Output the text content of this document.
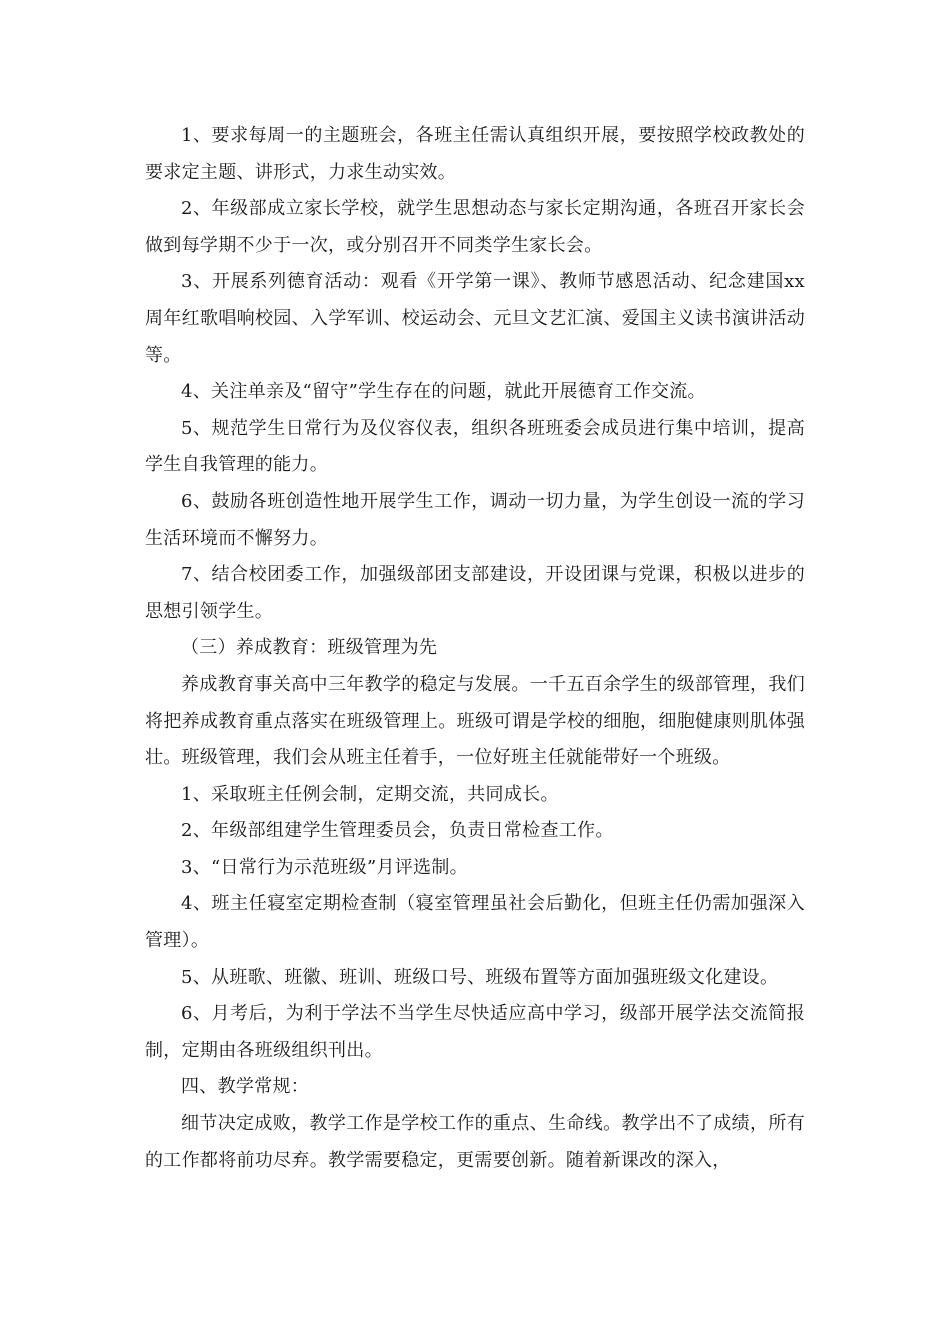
1、要求每周一的主题班会，各班主任需认真组织开展，要按照学校政教处的要求定主题、讲形式，力求生动实效。

2、年级部成立家长学校，就学生思想动态与家长定期沟通，各班召开家长会做到每学期不少于一次，或分别召开不同类学生家长会。

3、开展系列德育活动：观看《开学第一课》、教师节感恩活动、纪念建国xx周年红歌唱响校园、入学军训、校运动会、元旦文艺汇演、爱国主义读书演讲活动等。

4、关注单亲及“留守”学生存在的问题，就此开展德育工作交流。

5、规范学生日常行为及仪容仪表，组织各班班委会成员进行集中培训，提高学生自我管理的能力。

6、鼓励各班创造性地开展学生工作，调动一切力量，为学生创设一流的学习生活环境而不懈努力。

7、结合校团委工作，加强级部团支部建设，开设团课与党课，积极以进步的思想引领学生。

（三）养成教育：班级管理为先

养成教育事关高中三年教学的稳定与发展。一千五百余学生的级部管理，我们将把养成教育重点落实在班级管理上。班级可谓是学校的细胞，细胞健康则肌体强壮。班级管理，我们会从班主任着手，一位好班主任就能带好一个班级。

1、采取班主任例会制，定期交流，共同成长。

2、年级部组建学生管理委员会，负责日常检查工作。

3、“日常行为示范班级”月评选制。

4、班主任寝室定期检查制（寝室管理虽社会后勤化，但班主任仍需加强深入管理）。

5、从班歌、班徽、班训、班级口号、班级布置等方面加强班级文化建设。

6、月考后，为利于学法不当学生尽快适应高中学习，级部开展学法交流简报制，定期由各班级组织刊出。

四、教学常规：

细节决定成败，教学工作是学校工作的重点、生命线。教学出不了成绩，所有的工作都将前功尽弃。教学需要稳定，更需要创新。随着新课改的深入，
